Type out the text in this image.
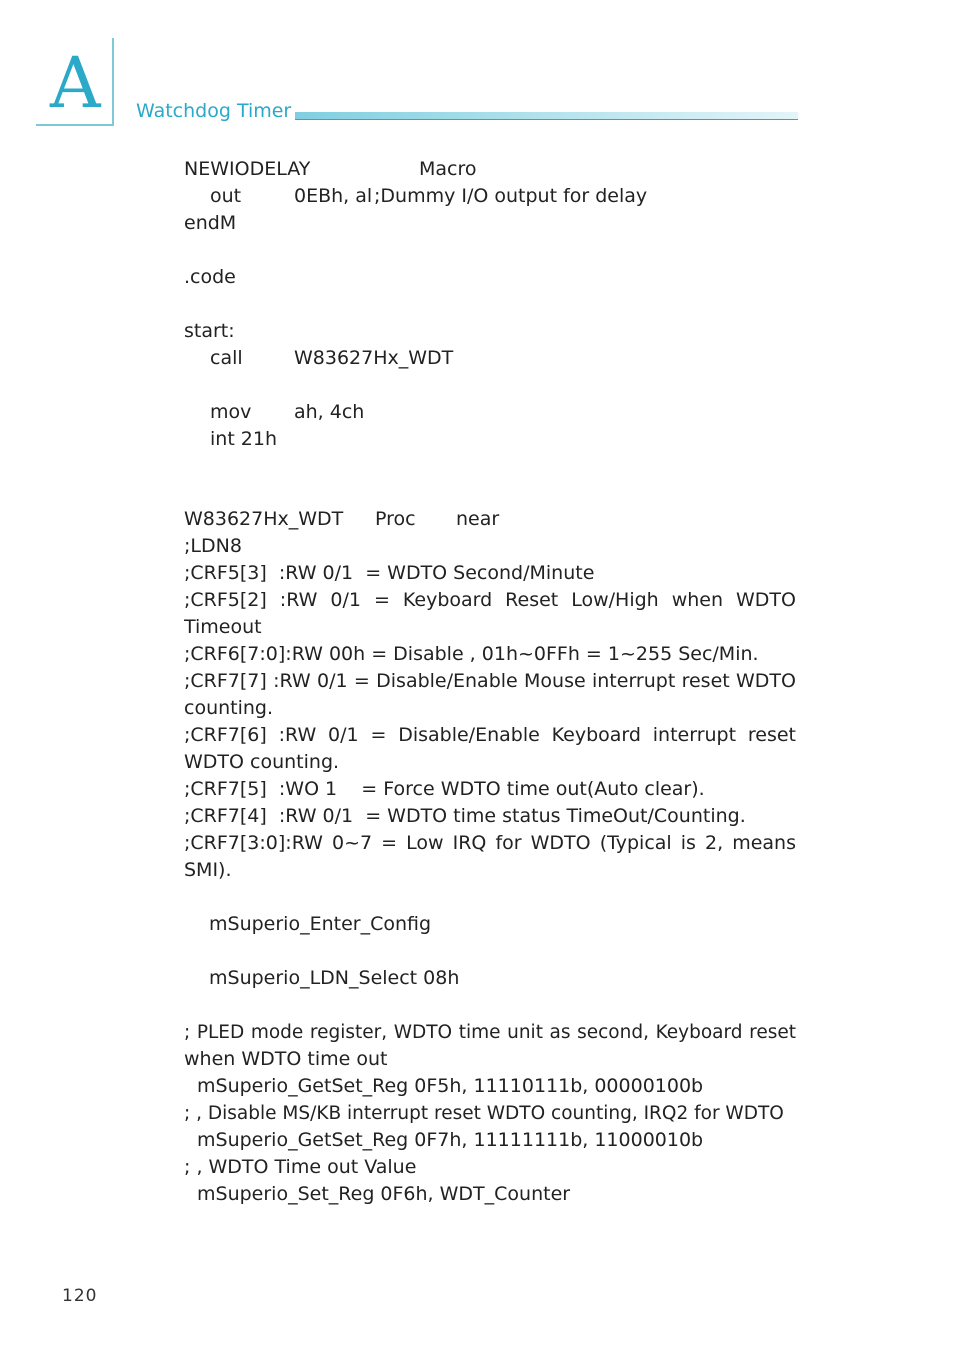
A Watchdog Timer
NEWIODELAY	Macro
out	0EBh, al;Dummy I/O output for delay
endM
.code
start:
call	W83627Hx_WDT
mov ah, 4ch
int 21h
W83627Hx_WDT Proc near
;LDN8
;CRF5[3]  :RW 0/1  = WDTO Second/Minute
;CRF5[2] :RW 0/1 = Keyboard Reset Low/High when WDTO
Timeout
;CRF6[7:0]:RW 00h = Disable , 01h~0FFh = 1~255 Sec/Min.
;CRF7[7] :RW 0/1 = Disable/Enable Mouse interrupt reset WDTO
counting.
;CRF7[6] :RW 0/1 = Disable/Enable Keyboard interrupt reset
WDTO counting.
;CRF7[5]  :WO 1    = Force WDTO time out(Auto clear).
;CRF7[4]  :RW 0/1  = WDTO time status TimeOut/Counting.
;CRF7[3:0]:RW 0~7 = Low IRQ for WDTO (Typical is 2, means
SMI).
mSuperio_Enter_Config
mSuperio_LDN_Select 08h
; PLED mode register, WDTO time unit as second, Keyboard reset
when WDTO time out
mSuperio_GetSet_Reg 0F5h, 11110111b, 00000100b
; , Disable MS/KB interrupt reset WDTO counting, IRQ2 for WDTO
mSuperio_GetSet_Reg 0F7h, 11111111b, 11000010b
; , WDTO Time out Value
mSuperio_Set_Reg 0F6h, WDT_Counter
120
